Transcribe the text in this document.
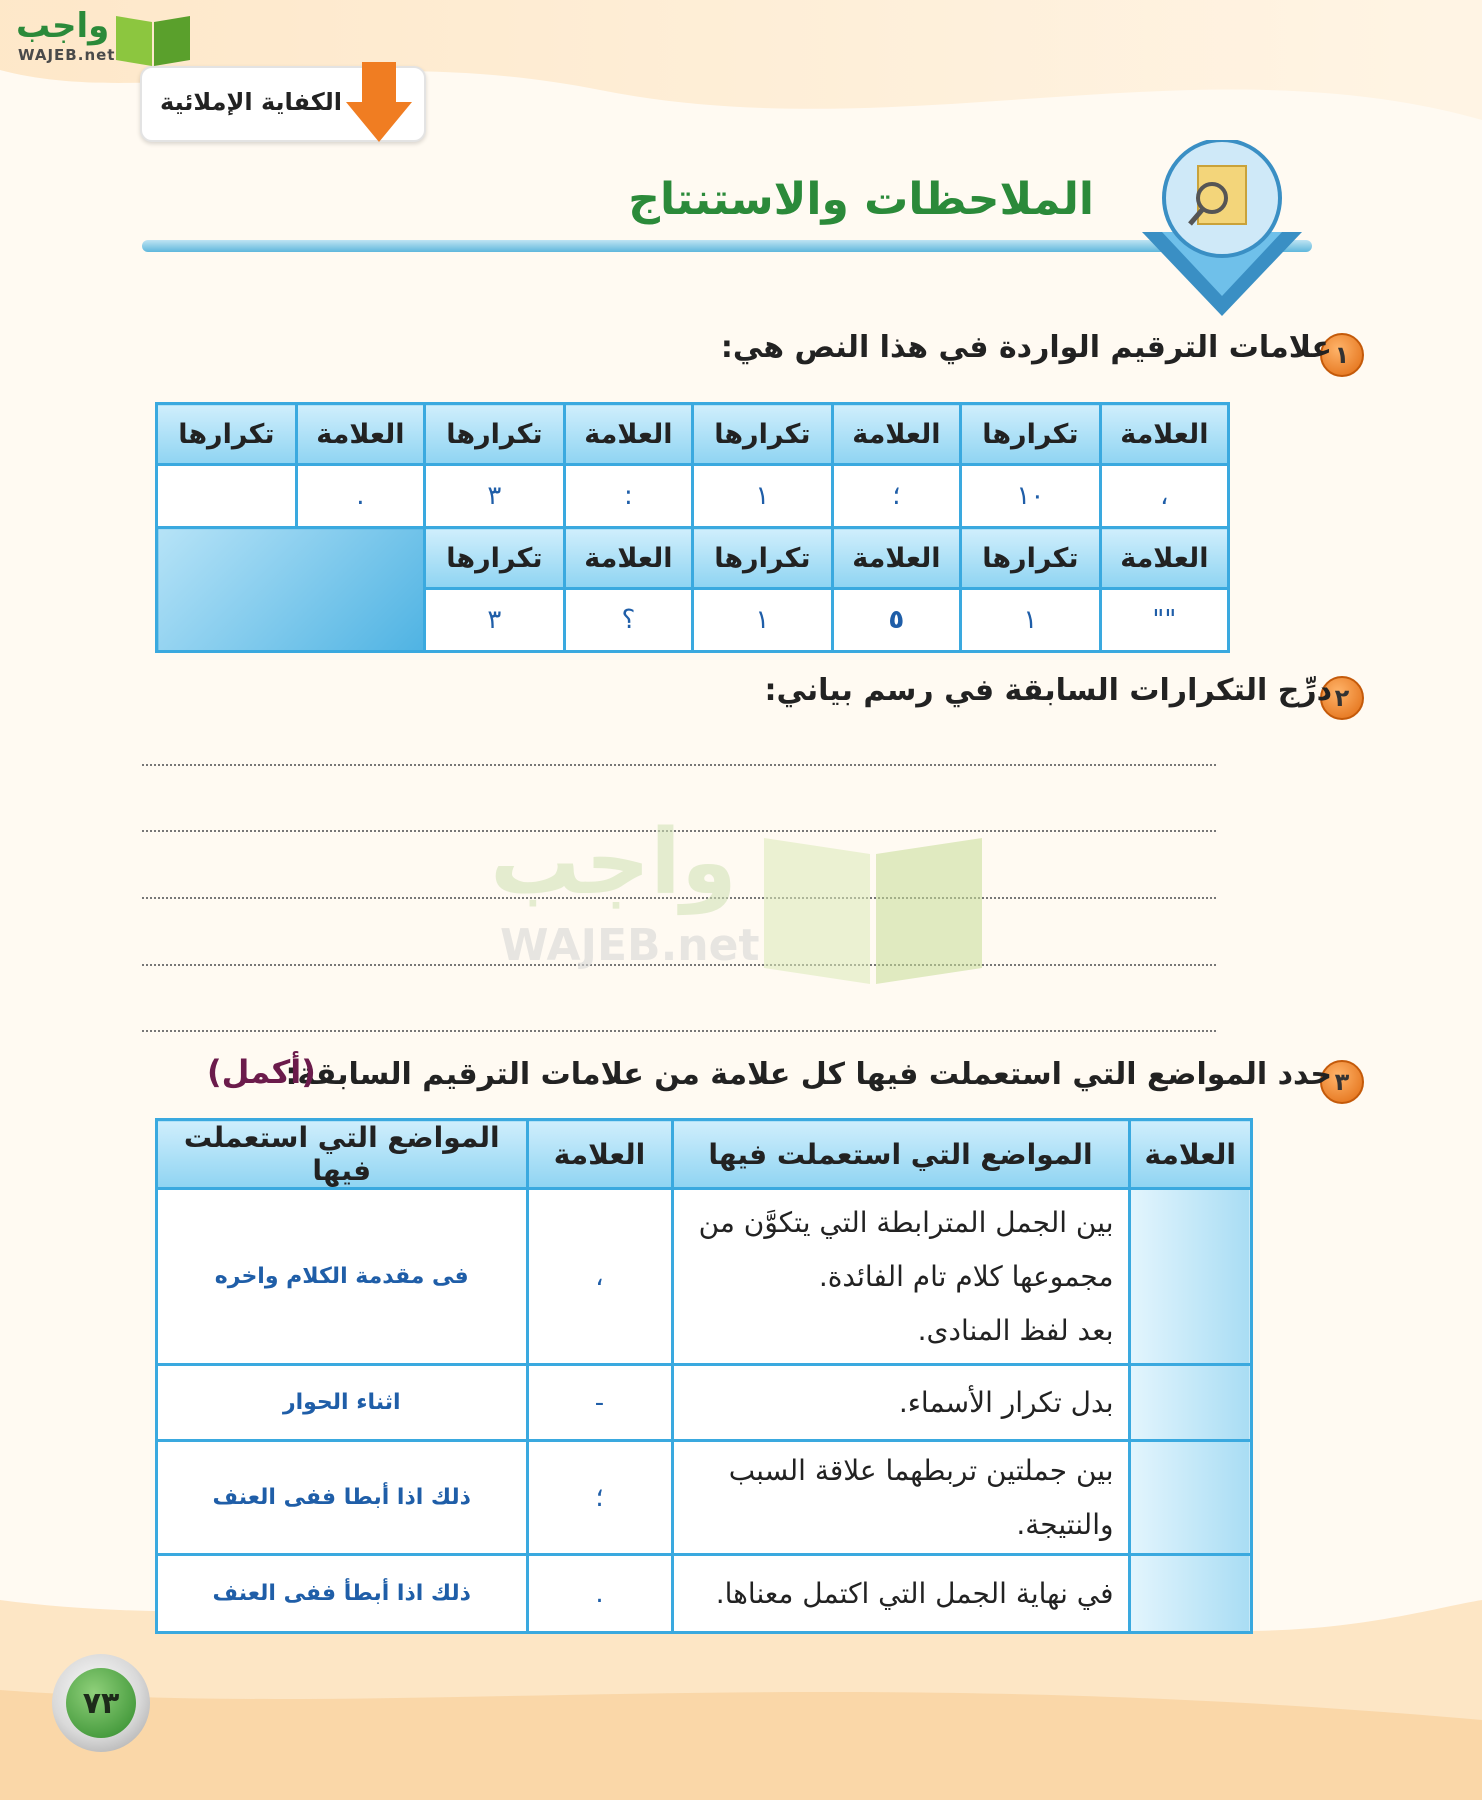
واجب
WAJEB.net
الكفاية الإملائية
الملاحظات والاستنتاج
١
علامات الترقيم الواردة في هذا النص هي:
العلامة	تكرارها	العلامة	تكرارها	العلامة	تكرارها	العلامة	تكرارها
،	١٠	؛	١	:	٣	.	
العلامة	تكرارها	العلامة	تكرارها	العلامة	تكرارها		
""	١	٥	١	؟	٣		
٢
درِّج التكرارات السابقة في رسم بياني:
واجب
WAJEB.net
٣
حدد المواضع التي استعملت فيها كل علامة من علامات الترقيم السابقة:
(أكمل)
العلامة	المواضع التي استعملت فيها	العلامة	المواضع التي استعملت فيها

	بين الجمل المترابطة التي يتكوَّن من
مجموعها كلام تام الفائدة.
بعد لفظ المنادى.	،	فى مقدمة الكلام واخره

	بدل تكرار الأسماء.	-	اثناء الحوار

	بين جملتين تربطهما علاقة السبب
والنتيجة.	؛	ذلك اذا أبطا ففى العنف

	في نهاية الجمل التي اكتمل معناها.	.	ذلك اذا أبطأ ففى العنف
٧٣
